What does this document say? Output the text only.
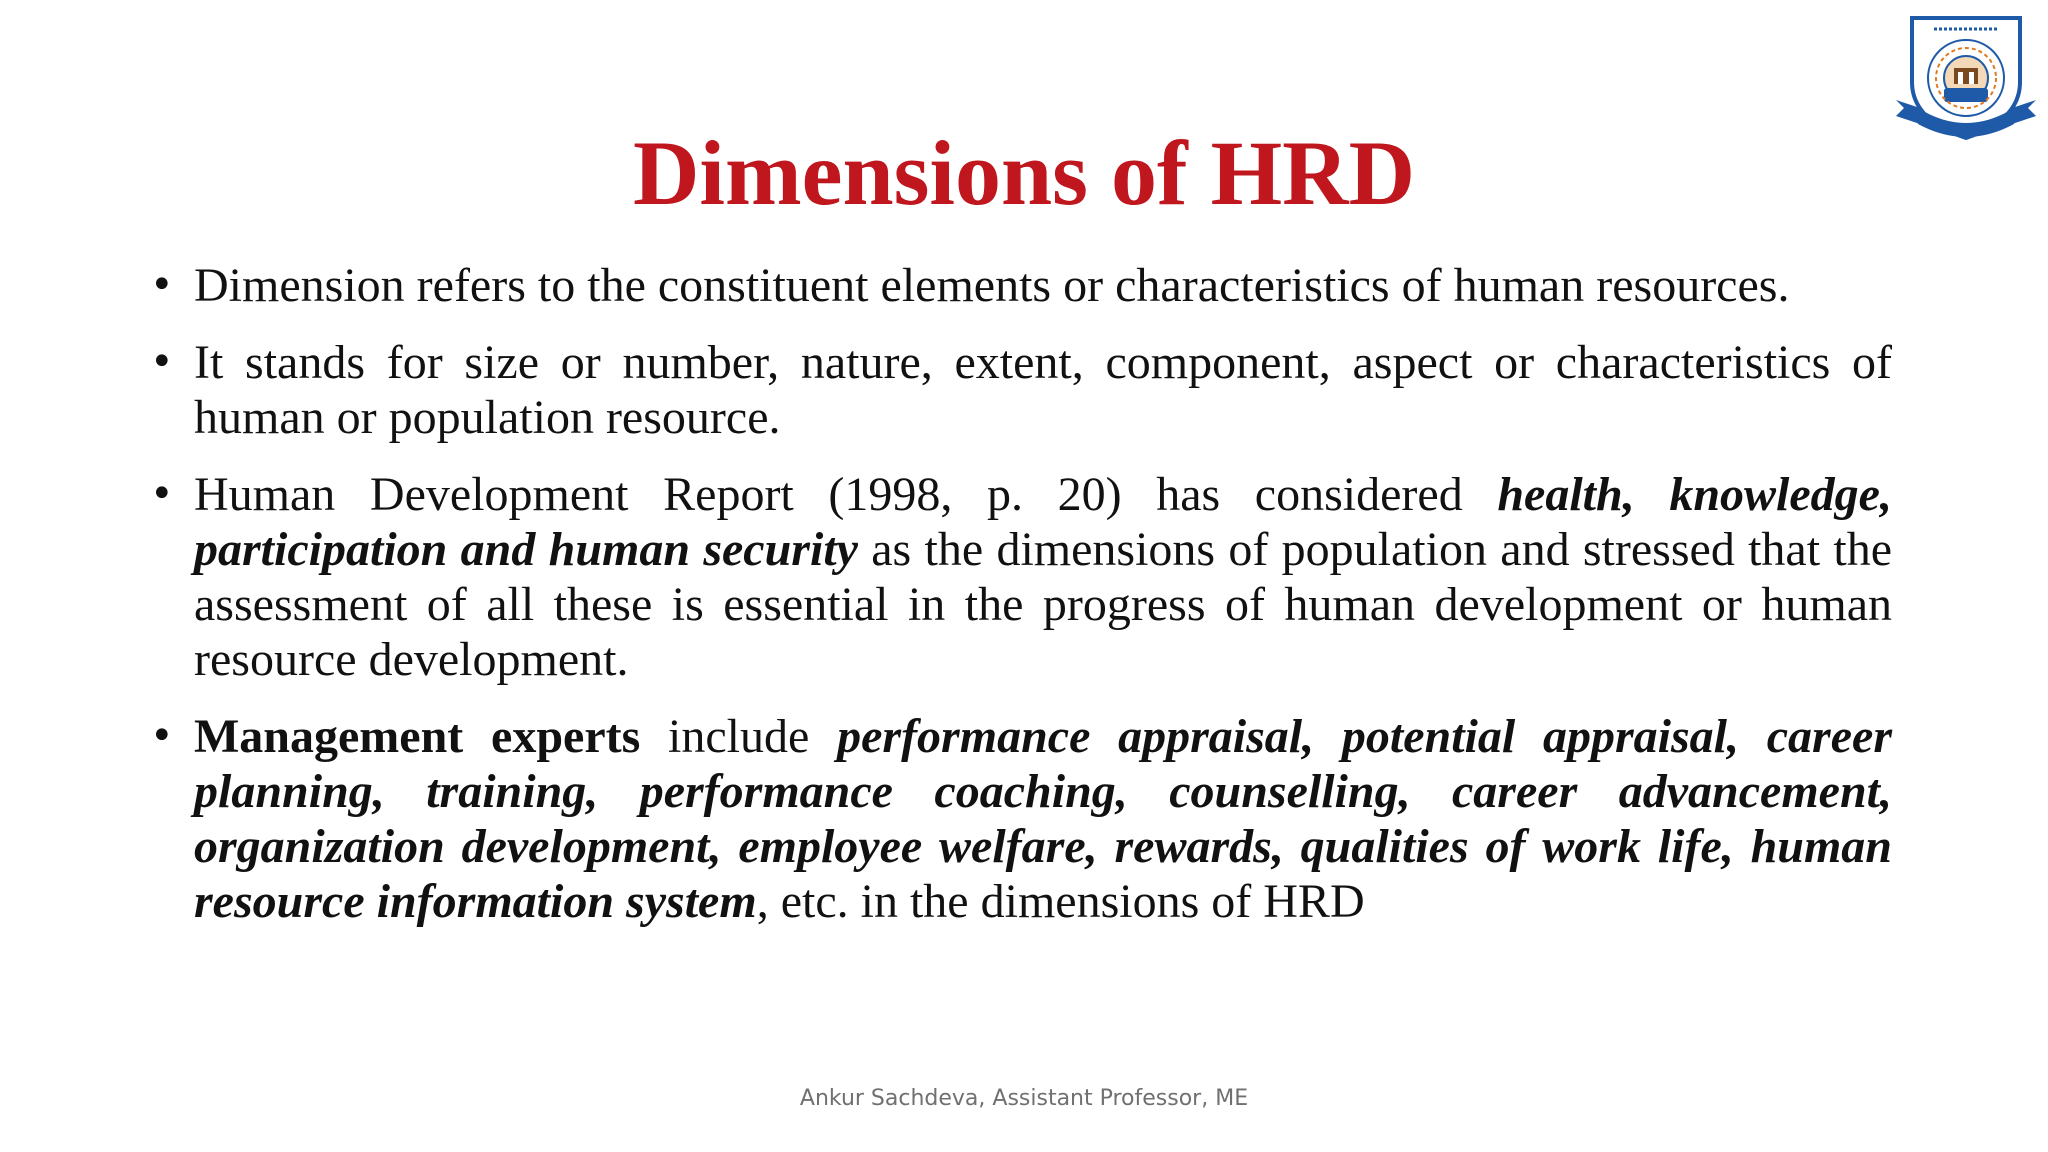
Dimensions of HRD
• Dimension refers to the constituent elements or characteristics of human resources.
• It stands for size or number, nature, extent, component, aspect or characteristics of human or population resource.
• Human Development Report (1998, p. 20) has considered health, knowledge, participation and human security as the dimensions of population and stressed that the assessment of all these is essential in the progress of human development or human resource development.
• Management experts include performance appraisal, potential appraisal, career planning, training, performance coaching, counselling, career advancement, organization development, employee welfare, rewards, qualities of work life, human resource information system, etc. in the dimensions of HRD
Ankur Sachdeva, Assistant Professor, ME
